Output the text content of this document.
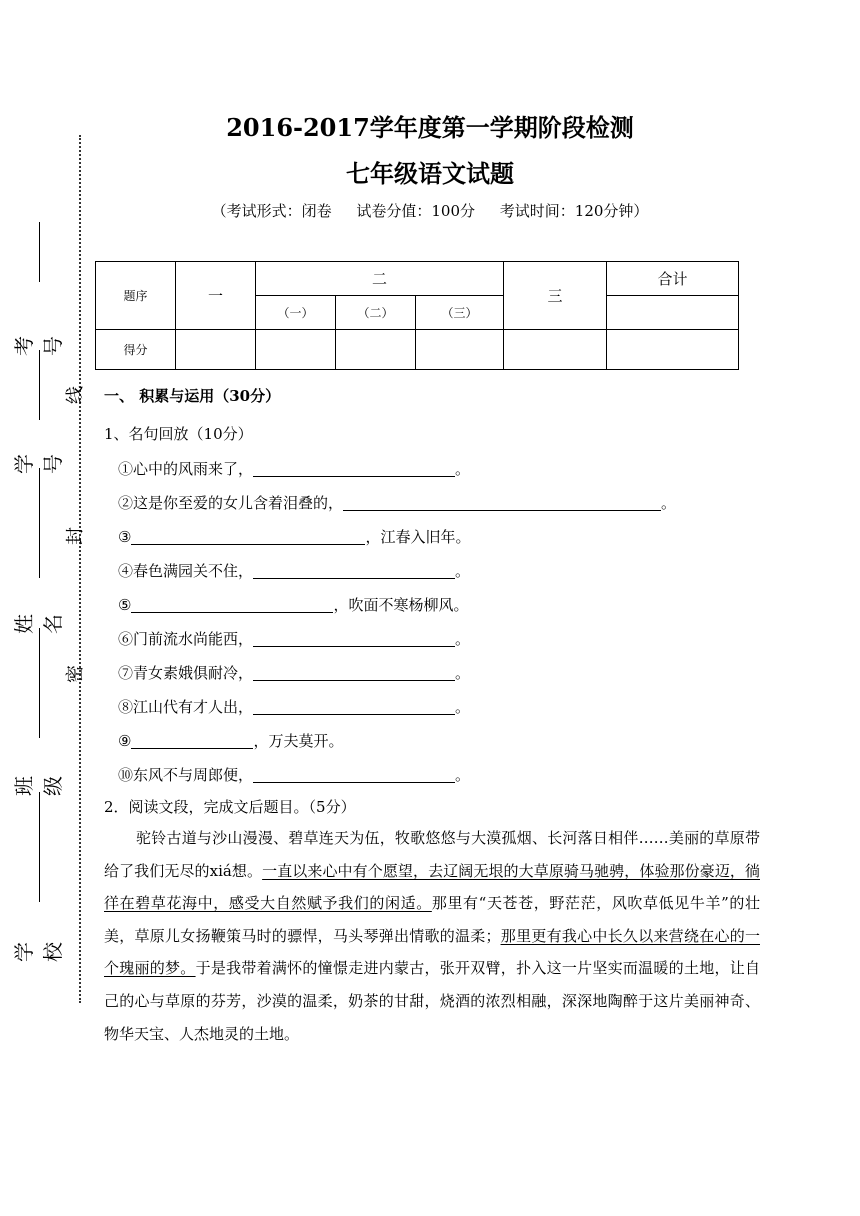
2016-2017学年度第一学期阶段检测
七年级语文试题
（考试形式：闭卷 试卷分值：100分 考试时间：120分钟）
考号
学号
姓名
班级
学校
线
封
密
题序	一	二			三	合计
		（一）	（二）	（三）		
得分						
一、 积累与运用（30分）
1、名句回放（10分）
①心中的风雨来了，	。
②这是你至爱的女儿含着泪叠的，	。
③	，江春入旧年。
④春色满园关不住，	。
⑤	，吹面不寒杨柳风。
⑥门前流水尚能西，	。
⑦青女素娥俱耐冷，	。
⑧江山代有才人出，	。
⑨	，万夫莫开。
⑩东风不与周郎便，	。
2．阅读文段，完成文后题目。（5分）
驼铃古道与沙山漫漫、碧草连天为伍，牧歌悠悠与大漠孤烟、长河落日相伴……美丽的草原带给了我们无尽的xiá想。一直以来心中有个愿望，去辽阔无垠的大草原骑马驰骋，体验那份豪迈，徜徉在碧草花海中，感受大自然赋予我们的闲适。那里有“天苍苍，野茫茫，风吹草低见牛羊”的壮美，草原儿女扬鞭策马时的骠悍，马头琴弹出情歌的温柔；那里更有我心中长久以来营绕在心的一个瑰丽的梦。于是我带着满怀的憧憬走进内蒙古，张开双臂，扑入这一片坚实而温暖的土地，让自己的心与草原的芬芳，沙漠的温柔，奶茶的甘甜，烧酒的浓烈相融，深深地陶醉于这片美丽神奇、物华天宝、人杰地灵的土地。
